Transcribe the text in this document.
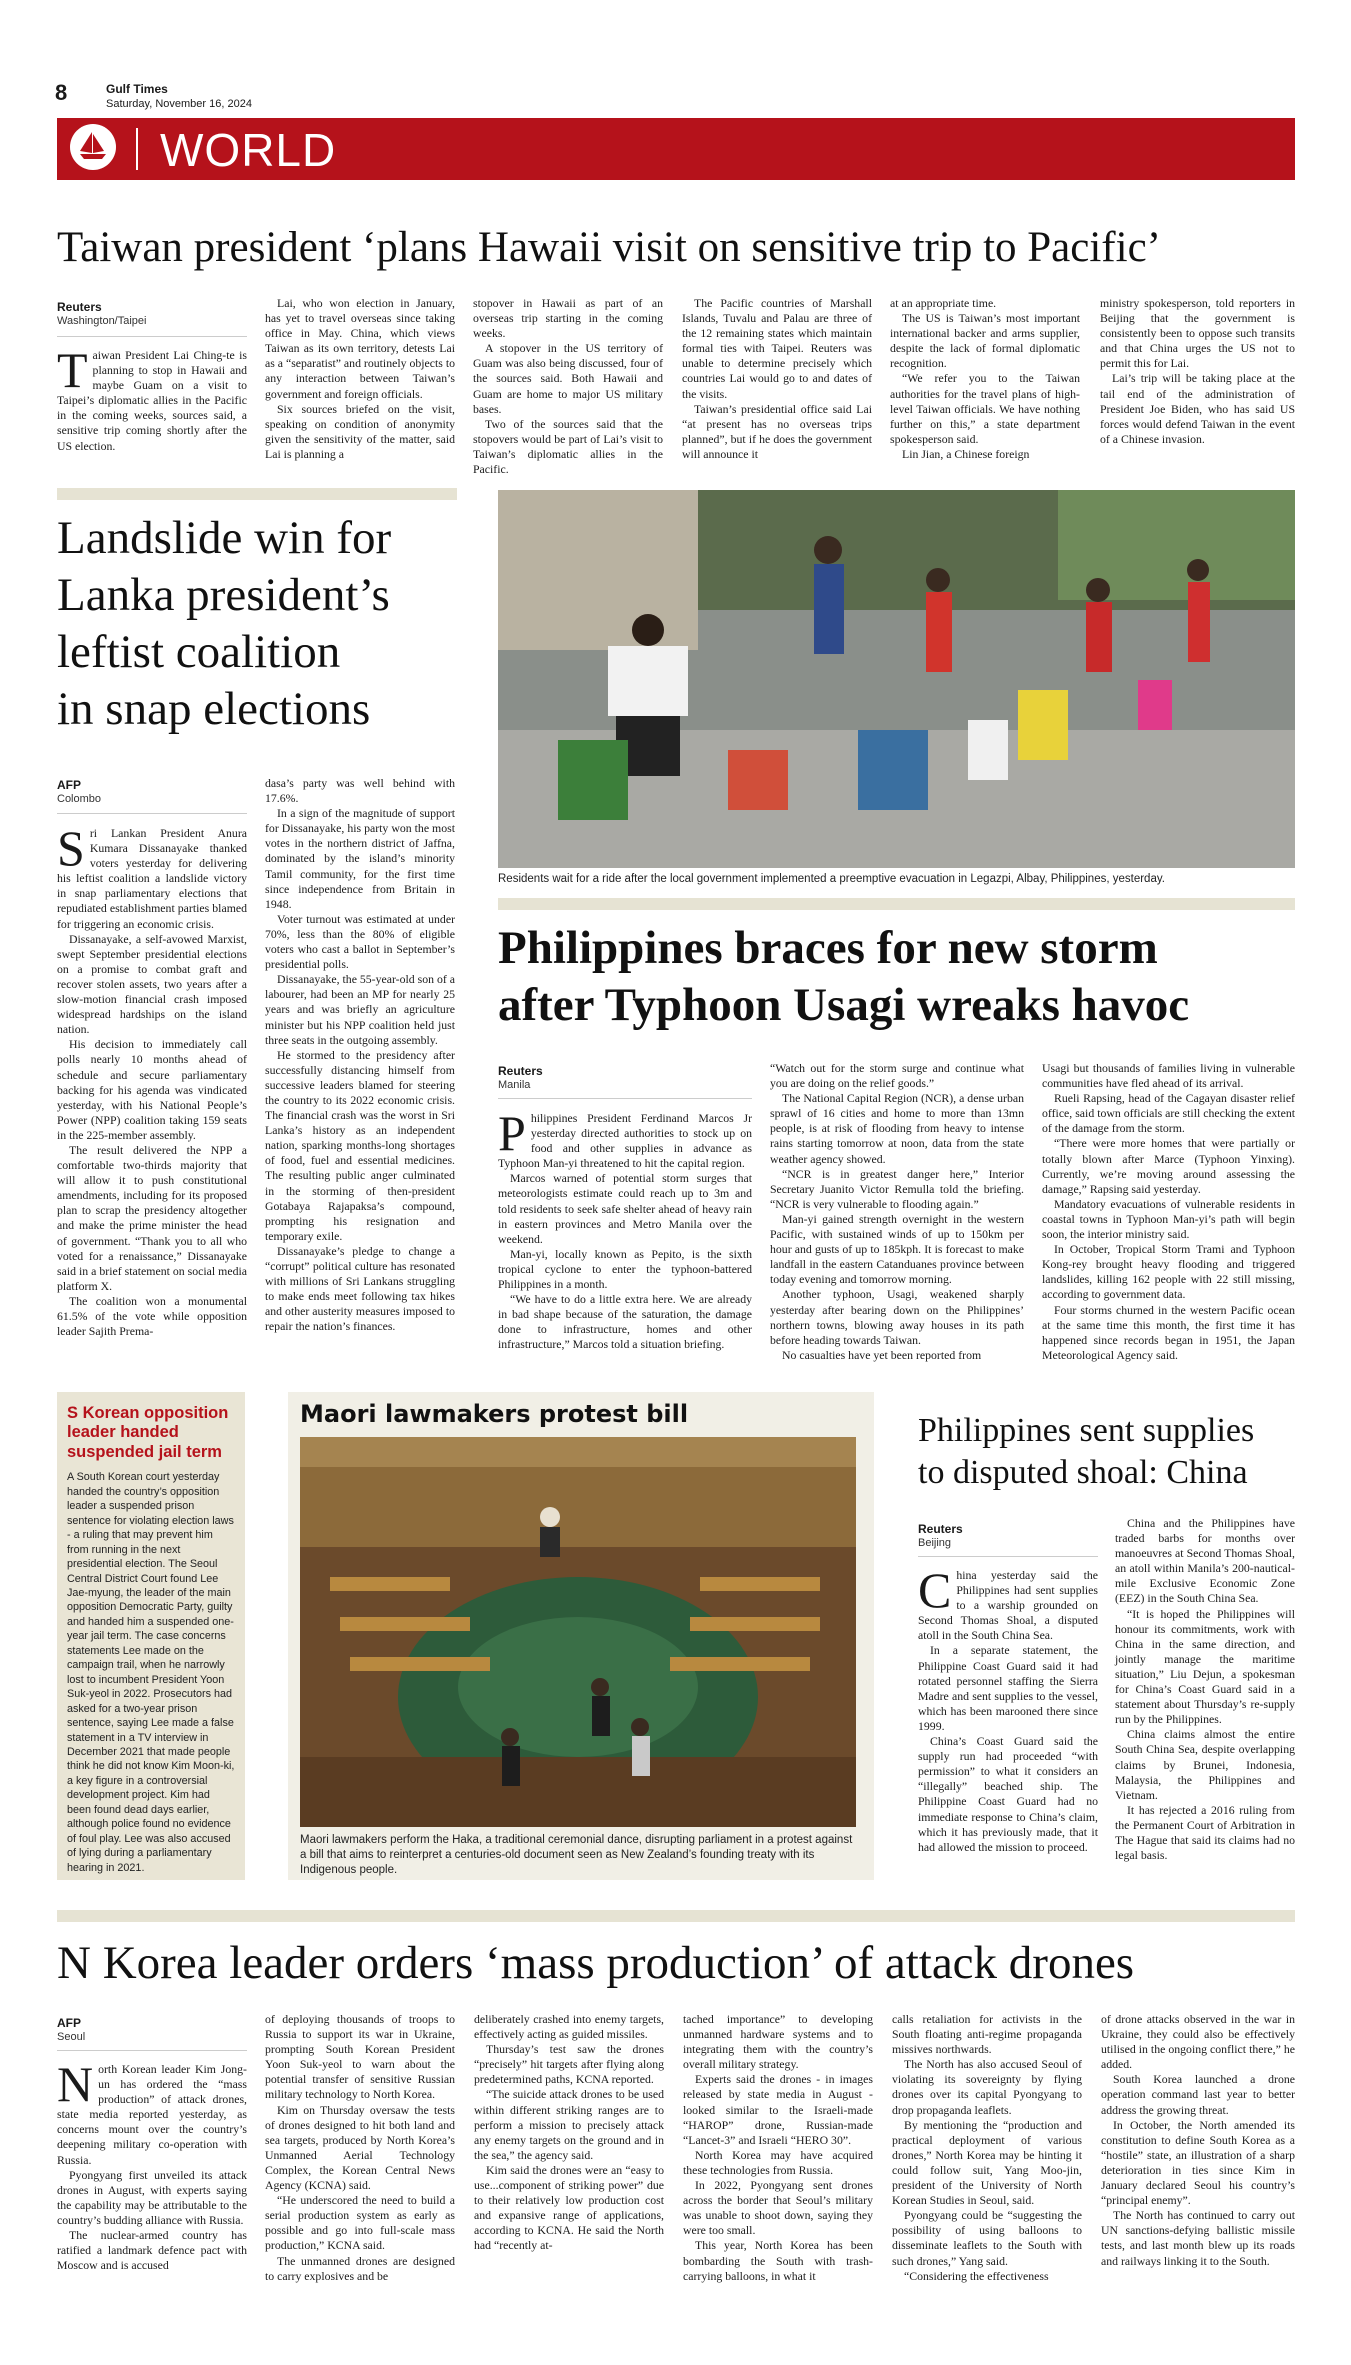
8	Gulf Times
Saturday, November 16, 2024
WORLD
Taiwan president ‘plans Hawaii visit on sensitive trip to Pacific’
Reuters
Washington/Taipei
Taiwan President Lai Ching-te is planning to stop in Hawaii and maybe Guam on a visit to Taipei’s diplomatic allies in the Pacific in the coming weeks, sources said, a sensitive trip coming shortly after the US election.

Lai, who won election in January, has yet to travel overseas since taking office in May. China, which views Taiwan as its own territory, detests Lai as a “separatist” and routinely objects to any interaction between Taiwan’s government and foreign officials.

Six sources briefed on the visit, speaking on condition of anonymity given the sensitivity of the matter, said Lai is planning a

stopover in Hawaii as part of an overseas trip starting in the coming weeks.

A stopover in the US territory of Guam was also being discussed, four of the sources said. Both Hawaii and Guam are home to major US military bases.

Two of the sources said that the stopovers would be part of Lai’s visit to Taiwan’s diplomatic allies in the Pacific.

The Pacific countries of Marshall Islands, Tuvalu and Palau are three of the 12 remaining states which maintain formal ties with Taipei. Reuters was unable to determine precisely which countries Lai would go to and dates of the visits.

Taiwan’s presidential office said Lai “at present has no overseas trips planned”, but if he does the government will announce it

at an appropriate time.

The US is Taiwan’s most important international backer and arms supplier, despite the lack of formal diplomatic recognition.

“We refer you to the Taiwan authorities for the travel plans of high-level Taiwan officials. We have nothing further on this,” a state department spokesperson said.

Lin Jian, a Chinese foreign

ministry spokesperson, told reporters in Beijing that the government is consistently been to oppose such transits and that China urges the US not to permit this for Lai.

Lai’s trip will be taking place at the tail end of the administration of President Joe Biden, who has said US forces would defend Taiwan in the event of a Chinese invasion.

Landslide win for
Lanka president’s
leftist coalition
in snap elections
AFP
Colombo

Sri Lankan President Anura Kumara Dissanayake thanked voters yesterday for delivering his leftist coalition a landslide victory in snap parliamentary elections that repudiated establishment parties blamed for triggering an economic crisis.

Dissanayake, a self-avowed Marxist, swept September presidential elections on a promise to combat graft and recover stolen assets, two years after a slow-motion financial crash imposed widespread hardships on the island nation.

His decision to immediately call polls nearly 10 months ahead of schedule and secure parliamentary backing for his agenda was vindicated yesterday, with his National People’s Power (NPP) coalition taking 159 seats in the 225-member assembly.

The result delivered the NPP a comfortable two-thirds majority that will allow it to push constitutional amendments, including for its proposed plan to scrap the presidency altogether and make the prime minister the head of government. “Thank you to all who voted for a renaissance,” Dissanayake said in a brief statement on social media platform X.

The coalition won a monumental 61.5% of the vote while opposition leader Sajith Prema-

dasa’s party was well behind with 17.6%.

In a sign of the magnitude of support for Dissanayake, his party won the most votes in the northern district of Jaffna, dominated by the island’s minority Tamil community, for the first time since independence from Britain in 1948.

Voter turnout was estimated at under 70%, less than the 80% of eligible voters who cast a ballot in September’s presidential polls.

Dissanayake, the 55-year-old son of a labourer, had been an MP for nearly 25 years and was briefly an agriculture minister but his NPP coalition held just three seats in the outgoing assembly.

He stormed to the presidency after successfully distancing himself from successive leaders blamed for steering the country to its 2022 economic crisis. The financial crash was the worst in Sri Lanka’s history as an independent nation, sparking months-long shortages of food, fuel and essential medicines. The resulting public anger culminated in the storming of then-president Gotabaya Rajapaksa’s compound, prompting his resignation and temporary exile.

Dissanayake’s pledge to change a “corrupt” political culture has resonated with millions of Sri Lankans struggling to make ends meet following tax hikes and other austerity measures imposed to repair the nation’s finances.

Residents wait for a ride after the local government implemented a preemptive evacuation in Legazpi, Albay, Philippines, yesterday.
Philippines braces for new storm
after Typhoon Usagi wreaks havoc
Reuters
Manila

Philippines President Ferdinand Marcos Jr yesterday directed authorities to stock up on food and other supplies in advance as Typhoon Man-yi threatened to hit the capital region.

Marcos warned of potential storm surges that meteorologists estimate could reach up to 3m and told residents to seek safe shelter ahead of heavy rain in eastern provinces and Metro Manila over the weekend.

Man-yi, locally known as Pepito, is the sixth tropical cyclone to enter the typhoon-battered Philippines in a month.

“We have to do a little extra here. We are already in bad shape because of the saturation, the damage done to infrastructure, homes and other infrastructure,” Marcos told a situation briefing.

“Watch out for the storm surge and continue what you are doing on the relief goods.”

The National Capital Region (NCR), a dense urban sprawl of 16 cities and home to more than 13mn people, is at risk of flooding from heavy to intense rains starting tomorrow at noon, data from the state weather agency showed.

“NCR is in greatest danger here,” Interior Secretary Juanito Victor Remulla told the briefing. “NCR is very vulnerable to flooding again.”

Man-yi gained strength overnight in the western Pacific, with sustained winds of up to 150km per hour and gusts of up to 185kph. It is forecast to make landfall in the eastern Catanduanes province between today evening and tomorrow morning.

Another typhoon, Usagi, weakened sharply yesterday after bearing down on the Philippines’ northern towns, blowing away houses in its path before heading towards Taiwan.

No casualties have yet been reported from

Usagi but thousands of families living in vulnerable communities have fled ahead of its arrival.

Rueli Rapsing, head of the Cagayan disaster relief office, said town officials are still checking the extent of the damage from the storm.

“There were more homes that were partially or totally blown after Marce (Typhoon Yinxing). Currently, we’re moving around assessing the damage,” Rapsing said yesterday.

Mandatory evacuations of vulnerable residents in coastal towns in Typhoon Man-yi’s path will begin soon, the interior ministry said.

In October, Tropical Storm Trami and Typhoon Kong-rey brought heavy flooding and triggered landslides, killing 162 people with 22 still missing, according to government data.

Four storms churned in the western Pacific ocean at the same time this month, the first time it has happened since records began in 1951, the Japan Meteorological Agency said.

S Korean opposition leader handed suspended jail term
A South Korean court yesterday handed the country’s opposition leader a suspended prison sentence for violating election laws - a ruling that may prevent him from running in the next presidential election. The Seoul Central District Court found Lee Jae-myung, the leader of the main opposition Democratic Party, guilty and handed him a suspended one-year jail term. The case concerns statements Lee made on the campaign trail, when he narrowly lost to incumbent President Yoon Suk-yeol in 2022. Prosecutors had asked for a two-year prison sentence, saying Lee made a false statement in a TV interview in December 2021 that made people think he did not know Kim Moon-ki, a key figure in a controversial development project. Kim had been found dead days earlier, although police found no evidence of foul play. Lee was also accused of lying during a parliamentary hearing in 2021.
Maori lawmakers protest bill
Maori lawmakers perform the Haka, a traditional ceremonial dance, disrupting parliament in a protest against a bill that aims to reinterpret a centuries-old document seen as New Zealand’s founding treaty with its Indigenous people.
Philippines sent supplies
to disputed shoal: China
Reuters
Beijing

China yesterday said the Philippines had sent supplies to a warship grounded on Second Thomas Shoal, a disputed atoll in the South China Sea.

In a separate statement, the Philippine Coast Guard said it had rotated personnel staffing the Sierra Madre and sent supplies to the vessel, which has been marooned there since 1999.

China’s Coast Guard said the supply run had proceeded “with permission” to what it considers an “illegally” beached ship. The Philippine Coast Guard had no immediate response to China’s claim, which it has previously made, that it had allowed the mission to proceed.

China and the Philippines have traded barbs for months over manoeuvres at Second Thomas Shoal, an atoll within Manila’s 200-nautical-mile Exclusive Economic Zone (EEZ) in the South China Sea.

“It is hoped the Philippines will honour its commitments, work with China in the same direction, and jointly manage the maritime situation,” Liu Dejun, a spokesman for China’s Coast Guard said in a statement about Thursday’s re-supply run by the Philippines.

China claims almost the entire South China Sea, despite overlapping claims by Brunei, Indonesia, Malaysia, the Philippines and Vietnam.

It has rejected a 2016 ruling from the Permanent Court of Arbitration in The Hague that said its claims had no legal basis.

N Korea leader orders ‘mass production’ of attack drones
AFP
Seoul

North Korean leader Kim Jong-un has ordered the “mass production” of attack drones, state media reported yesterday, as concerns mount over the country’s deepening military co-operation with Russia.

Pyongyang first unveiled its attack drones in August, with experts saying the capability may be attributable to the country’s budding alliance with Russia.

The nuclear-armed country has ratified a landmark defence pact with Moscow and is accused

of deploying thousands of troops to Russia to support its war in Ukraine, prompting South Korean President Yoon Suk-yeol to warn about the potential transfer of sensitive Russian military technology to North Korea.

Kim on Thursday oversaw the tests of drones designed to hit both land and sea targets, produced by North Korea’s Unmanned Aerial Technology Complex, the Korean Central News Agency (KCNA) said.

“He underscored the need to build a serial production system as early as possible and go into full-scale mass production,” KCNA said.

The unmanned drones are designed to carry explosives and be

deliberately crashed into enemy targets, effectively acting as guided missiles.

Thursday’s test saw the drones “precisely” hit targets after flying along predetermined paths, KCNA reported.

“The suicide attack drones to be used within different striking ranges are to perform a mission to precisely attack any enemy targets on the ground and in the sea,” the agency said.

Kim said the drones were an “easy to use...component of striking power” due to their relatively low production cost and expansive range of applications, according to KCNA. He said the North had “recently at-

tached importance” to developing unmanned hardware systems and to integrating them with the country’s overall military strategy.

Experts said the drones - in images released by state media in August - looked similar to the Israeli-made “HAROP” drone, Russian-made “Lancet-3” and Israeli “HERO 30”.

North Korea may have acquired these technologies from Russia.

In 2022, Pyongyang sent drones across the border that Seoul’s military was unable to shoot down, saying they were too small.

This year, North Korea has been bombarding the South with trash-carrying balloons, in what it

calls retaliation for activists in the South floating anti-regime propaganda missives northwards.

The North has also accused Seoul of violating its sovereignty by flying drones over its capital Pyongyang to drop propaganda leaflets.

By mentioning the “production and practical deployment of various drones,” North Korea may be hinting it could follow suit, Yang Moo-jin, president of the University of North Korean Studies in Seoul, said.

Pyongyang could be “suggesting the possibility of using balloons to disseminate leaflets to the South with such drones,” Yang said.

“Considering the effectiveness

of drone attacks observed in the war in Ukraine, they could also be effectively utilised in the ongoing conflict there,” he added.

South Korea launched a drone operation command last year to better address the growing threat.

In October, the North amended its constitution to define South Korea as a “hostile” state, an illustration of a sharp deterioration in ties since Kim in January declared Seoul his country’s “principal enemy”.

The North has continued to carry out UN sanctions-defying ballistic missile tests, and last month blew up its roads and railways linking it to the South.
